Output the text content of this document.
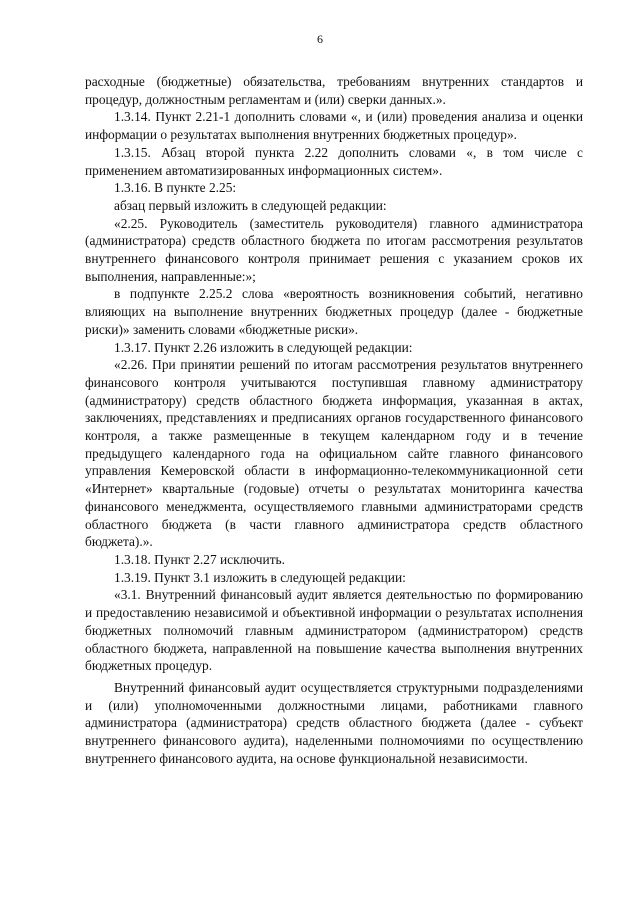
6

расходные (бюджетные) обязательства, требованиям внутренних стандартов и процедур, должностным регламентам и (или) сверки данных.».

1.3.14. Пункт 2.21-1 дополнить словами «, и (или) проведения анализа и оценки информации о результатах выполнения внутренних бюджетных процедур».

1.3.15. Абзац второй пункта 2.22 дополнить словами «, в том числе с применением автоматизированных информационных систем».

1.3.16. В пункте 2.25:

абзац первый изложить в следующей редакции:

«2.25. Руководитель (заместитель руководителя) главного администратора (администратора) средств областного бюджета по итогам рассмотрения результатов внутреннего финансового контроля принимает решения с указанием сроков их выполнения, направленные:»;

в подпункте 2.25.2 слова «вероятность возникновения событий, негативно влияющих на выполнение внутренних бюджетных процедур (далее - бюджетные риски)» заменить словами «бюджетные риски».

1.3.17. Пункт 2.26 изложить в следующей редакции:

«2.26. При принятии решений по итогам рассмотрения результатов внутреннего финансового контроля учитываются поступившая главному администратору (администратору) средств областного бюджета информация, указанная в актах, заключениях, представлениях и предписаниях органов государственного финансового контроля, а также размещенные в текущем календарном году и в течение предыдущего календарного года на официальном сайте главного финансового управления Кемеровской области в информационно-телекоммуникационной сети «Интернет» квартальные (годовые) отчеты о результатах мониторинга качества финансового менеджмента, осуществляемого главными администраторами средств областного бюджета (в части главного администратора средств областного бюджета).».

1.3.18. Пункт 2.27 исключить.

1.3.19. Пункт 3.1 изложить в следующей редакции:

«3.1. Внутренний финансовый аудит является деятельностью по формированию и предоставлению независимой и объективной информации о результатах исполнения бюджетных полномочий главным администратором (администратором) средств областного бюджета, направленной на повышение качества выполнения внутренних бюджетных процедур.

Внутренний финансовый аудит осуществляется структурными подразделениями и (или) уполномоченными должностными лицами, работниками главного администратора (администратора) средств областного бюджета (далее - субъект внутреннего финансового аудита), наделенными полномочиями по осуществлению внутреннего финансового аудита, на основе функциональной независимости.
